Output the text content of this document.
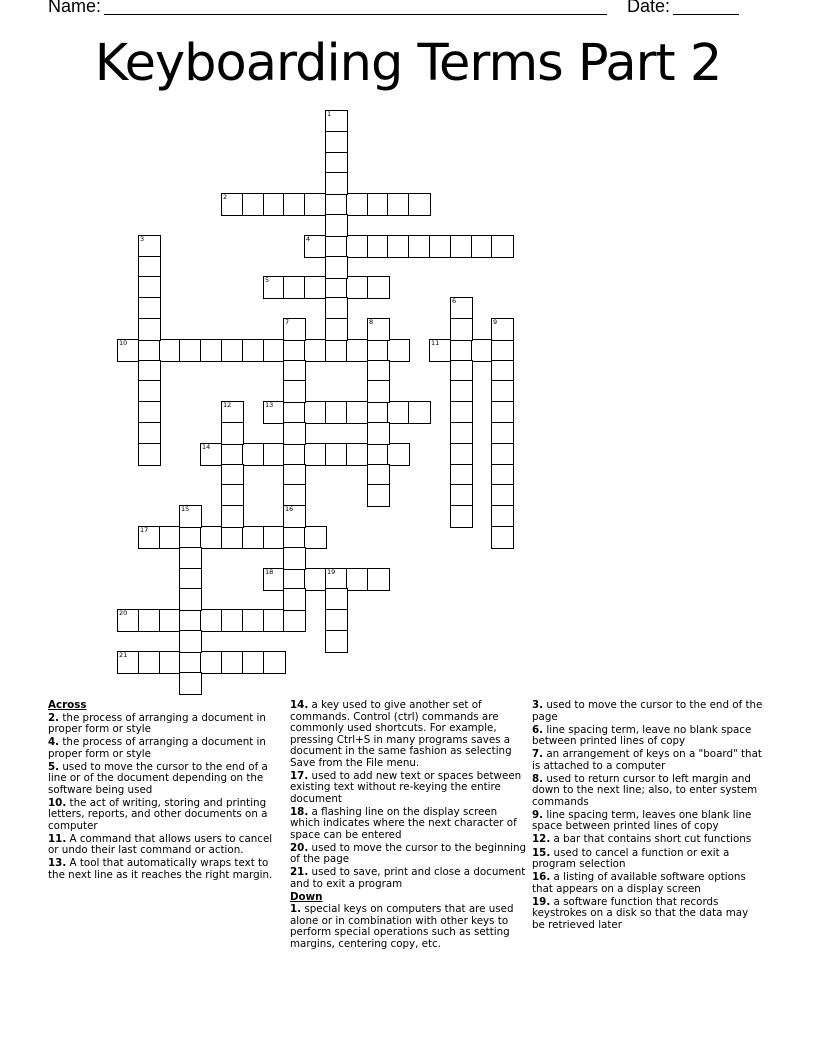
Name:	Date:
Keyboarding Terms Part 2
2
4
5
10	11
13
14
17
18	19
20
21
1
3
6
7	8	9
12
15	16
Across
2. the process of arranging a document in proper form or style
4. the process of arranging a document in proper form or style
5. used to move the cursor to the end of a line or of the document depending on the software being used
10. the act of writing, storing and printing letters, reports, and other documents on a computer
11. A command that allows users to cancel or undo their last command or action.
13. A tool that automatically wraps text to the next line as it reaches the right margin.
14. a key used to give another set of commands. Control (ctrl) commands are commonly used shortcuts. For example, pressing Ctrl+S in many programs saves a document in the same fashion as selecting Save from the File menu.
17. used to add new text or spaces between existing text without re-keying the entire document
18. a flashing line on the display screen which indicates where the next character of space can be entered
20. used to move the cursor to the beginning of the page
21. used to save, print and close a document and to exit a program
Down
1. special keys on computers that are used alone or in combination with other keys to perform special operations such as setting margins, centering copy, etc.
3. used to move the cursor to the end of the page
6. line spacing term, leave no blank space between printed lines of copy
7. an arrangement of keys on a "board" that is attached to a computer
8. used to return cursor to left margin and down to the next line; also, to enter system commands
9. line spacing term, leaves one blank line space between printed lines of copy
12. a bar that contains short cut functions
15. used to cancel a function or exit a program selection
16. a listing of available software options that appears on a display screen
19. a software function that records keystrokes on a disk so that the data may be retrieved later
